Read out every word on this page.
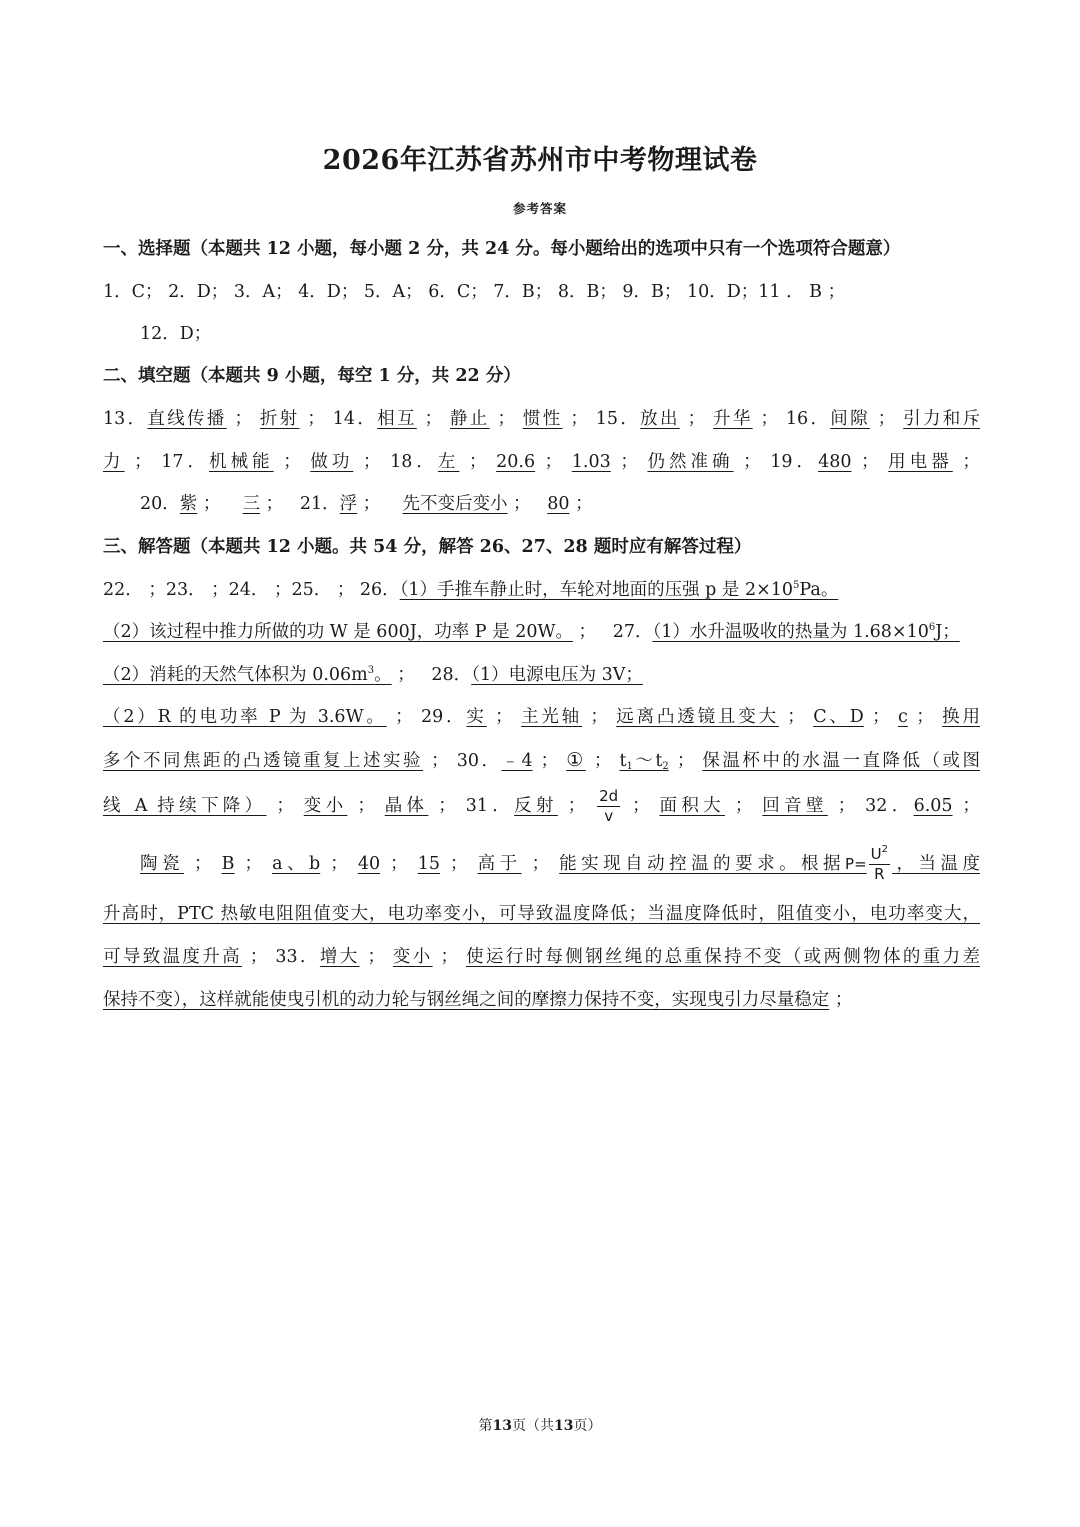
2026年江苏省苏州市中考物理试卷
参考答案
一、选择题（本题共 12 小题，每小题 2 分，共 24 分。每小题给出的选项中只有一个选项符合题意）
1．C； 2．D； 3．A； 4．D； 5．A； 6．C； 7．B； 8．B； 9．B； 10．D；11 ． B ；
12．D；
二、填空题（本题共 9 小题，每空 1 分，共 22 分）
13．直线传播 ； 折射 ； 14．相互 ； 静止 ； 惯性 ； 15．放出 ； 升华 ； 16．间隙 ； 引力和斥
力 ； 17．机械能 ； 做功 ； 18．左 ； 20.6 ； 1.03 ； 仍然准确 ； 19．480 ； 用电器 ；
20．紫 ；    三 ；   21．浮 ；    先不变后变小 ；   80 ；
三、解答题（本题共 12 小题。共 54 分，解答 26、27、28 题时应有解答过程）
22． ；23． ；24． ；25． ； 26．（1）手推车静止时，车轮对地面的压强 p 是 $2\times 10^5Pa$。
（2）该过程中推力所做的功 W 是 600J，功率 P 是 20W。 ；   27．（1）水升温吸收的热量为 $1.68\times 10^6J$；
（2）消耗的天然气体积为 $0.06m^3$。 ；   28．（1）电源电压为 3V；
（2）R 的电功率 P 为 3.6W。 ； 29．实 ； 主光轴 ； 远离凸透镜且变大 ； C、D ； c ； 换用
多个不同焦距的凸透镜重复上述实验 ； 30．﹣4 ； ① ； $t_1\sim t_2$ ； 保温杯中的水温一直降低（或图
线 A 持续下降） ； 变小 ； 晶体 ； 31．反射 ； $\frac{2d}{v}$ ； 面积大 ； 回音壁 ； 32．6.05 ；
陶瓷 ； B ； a、b ； 40 ； 15 ； 高于 ； 能实现自动控温的要求。根据$P= \frac{U^2}{R}$ ，当温度
升高时，PTC 热敏电阻阻值变大，电功率变小，可导致温度降低；当温度降低时，阻值变小，电功率变大，
可导致温度升高 ； 33．增大 ； 变小 ； 使运行时每侧钢丝绳的总重保持不变（或两侧物体的重力差
保持不变），这样就能使曳引机的动力轮与钢丝绳之间的摩擦力保持不变，实现曳引力尽量稳定 ；
第13页（共13页）
